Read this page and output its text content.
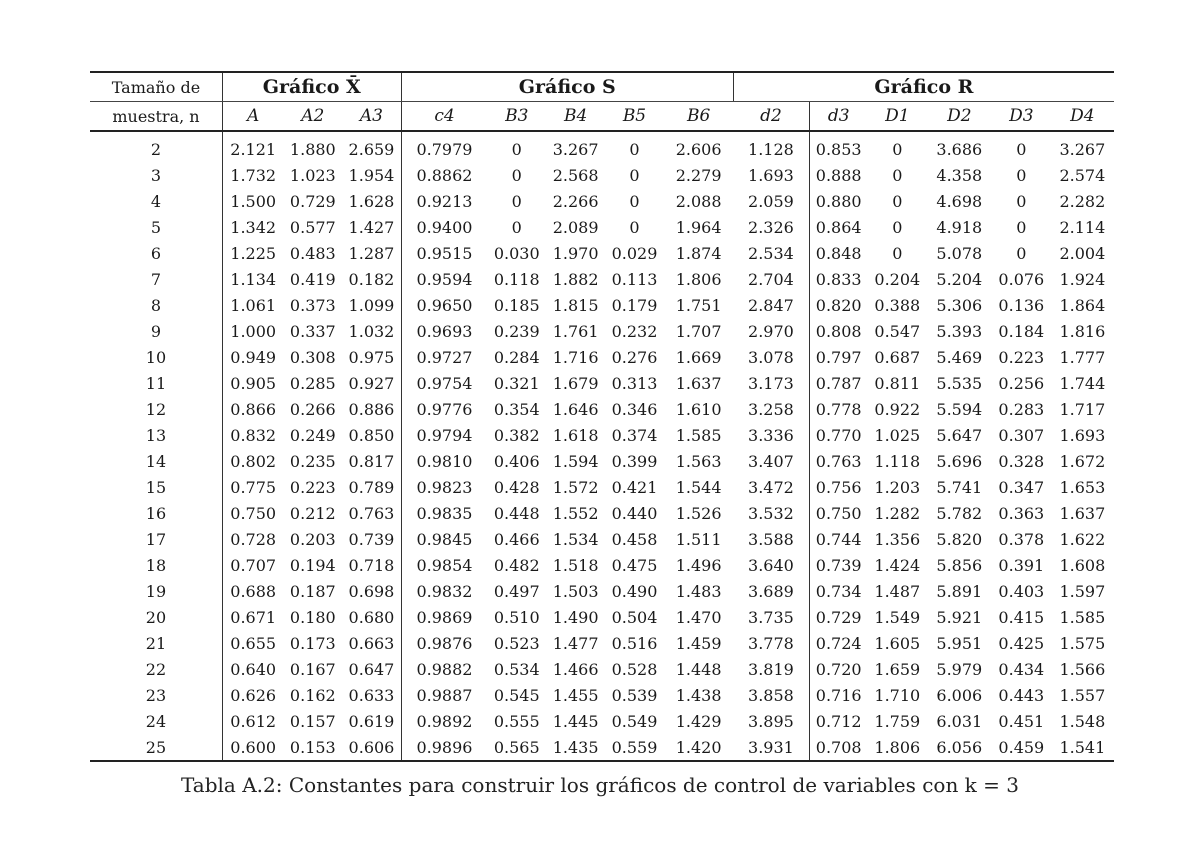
Tamaño de	Gráfico X̄			Gráfico S					Gráfico R					
muestra, n	A	A2	A3	c4	B3	B4	B5	B6	d2	d3	D1	D2	D3	D4
2	2.121	1.880	2.659	0.7979	0	3.267	0	2.606	1.128	0.853	0	3.686	0	3.267
3	1.732	1.023	1.954	0.8862	0	2.568	0	2.279	1.693	0.888	0	4.358	0	2.574
4	1.500	0.729	1.628	0.9213	0	2.266	0	2.088	2.059	0.880	0	4.698	0	2.282
5	1.342	0.577	1.427	0.9400	0	2.089	0	1.964	2.326	0.864	0	4.918	0	2.114
6	1.225	0.483	1.287	0.9515	0.030	1.970	0.029	1.874	2.534	0.848	0	5.078	0	2.004
7	1.134	0.419	0.182	0.9594	0.118	1.882	0.113	1.806	2.704	0.833	0.204	5.204	0.076	1.924
8	1.061	0.373	1.099	0.9650	0.185	1.815	0.179	1.751	2.847	0.820	0.388	5.306	0.136	1.864
9	1.000	0.337	1.032	0.9693	0.239	1.761	0.232	1.707	2.970	0.808	0.547	5.393	0.184	1.816
10	0.949	0.308	0.975	0.9727	0.284	1.716	0.276	1.669	3.078	0.797	0.687	5.469	0.223	1.777
11	0.905	0.285	0.927	0.9754	0.321	1.679	0.313	1.637	3.173	0.787	0.811	5.535	0.256	1.744
12	0.866	0.266	0.886	0.9776	0.354	1.646	0.346	1.610	3.258	0.778	0.922	5.594	0.283	1.717
13	0.832	0.249	0.850	0.9794	0.382	1.618	0.374	1.585	3.336	0.770	1.025	5.647	0.307	1.693
14	0.802	0.235	0.817	0.9810	0.406	1.594	0.399	1.563	3.407	0.763	1.118	5.696	0.328	1.672
15	0.775	0.223	0.789	0.9823	0.428	1.572	0.421	1.544	3.472	0.756	1.203	5.741	0.347	1.653
16	0.750	0.212	0.763	0.9835	0.448	1.552	0.440	1.526	3.532	0.750	1.282	5.782	0.363	1.637
17	0.728	0.203	0.739	0.9845	0.466	1.534	0.458	1.511	3.588	0.744	1.356	5.820	0.378	1.622
18	0.707	0.194	0.718	0.9854	0.482	1.518	0.475	1.496	3.640	0.739	1.424	5.856	0.391	1.608
19	0.688	0.187	0.698	0.9832	0.497	1.503	0.490	1.483	3.689	0.734	1.487	5.891	0.403	1.597
20	0.671	0.180	0.680	0.9869	0.510	1.490	0.504	1.470	3.735	0.729	1.549	5.921	0.415	1.585
21	0.655	0.173	0.663	0.9876	0.523	1.477	0.516	1.459	3.778	0.724	1.605	5.951	0.425	1.575
22	0.640	0.167	0.647	0.9882	0.534	1.466	0.528	1.448	3.819	0.720	1.659	5.979	0.434	1.566
23	0.626	0.162	0.633	0.9887	0.545	1.455	0.539	1.438	3.858	0.716	1.710	6.006	0.443	1.557
24	0.612	0.157	0.619	0.9892	0.555	1.445	0.549	1.429	3.895	0.712	1.759	6.031	0.451	1.548
25	0.600	0.153	0.606	0.9896	0.565	1.435	0.559	1.420	3.931	0.708	1.806	6.056	0.459	1.541
Tabla A.2: Constantes para construir los gráficos de control de variables con k = 3
